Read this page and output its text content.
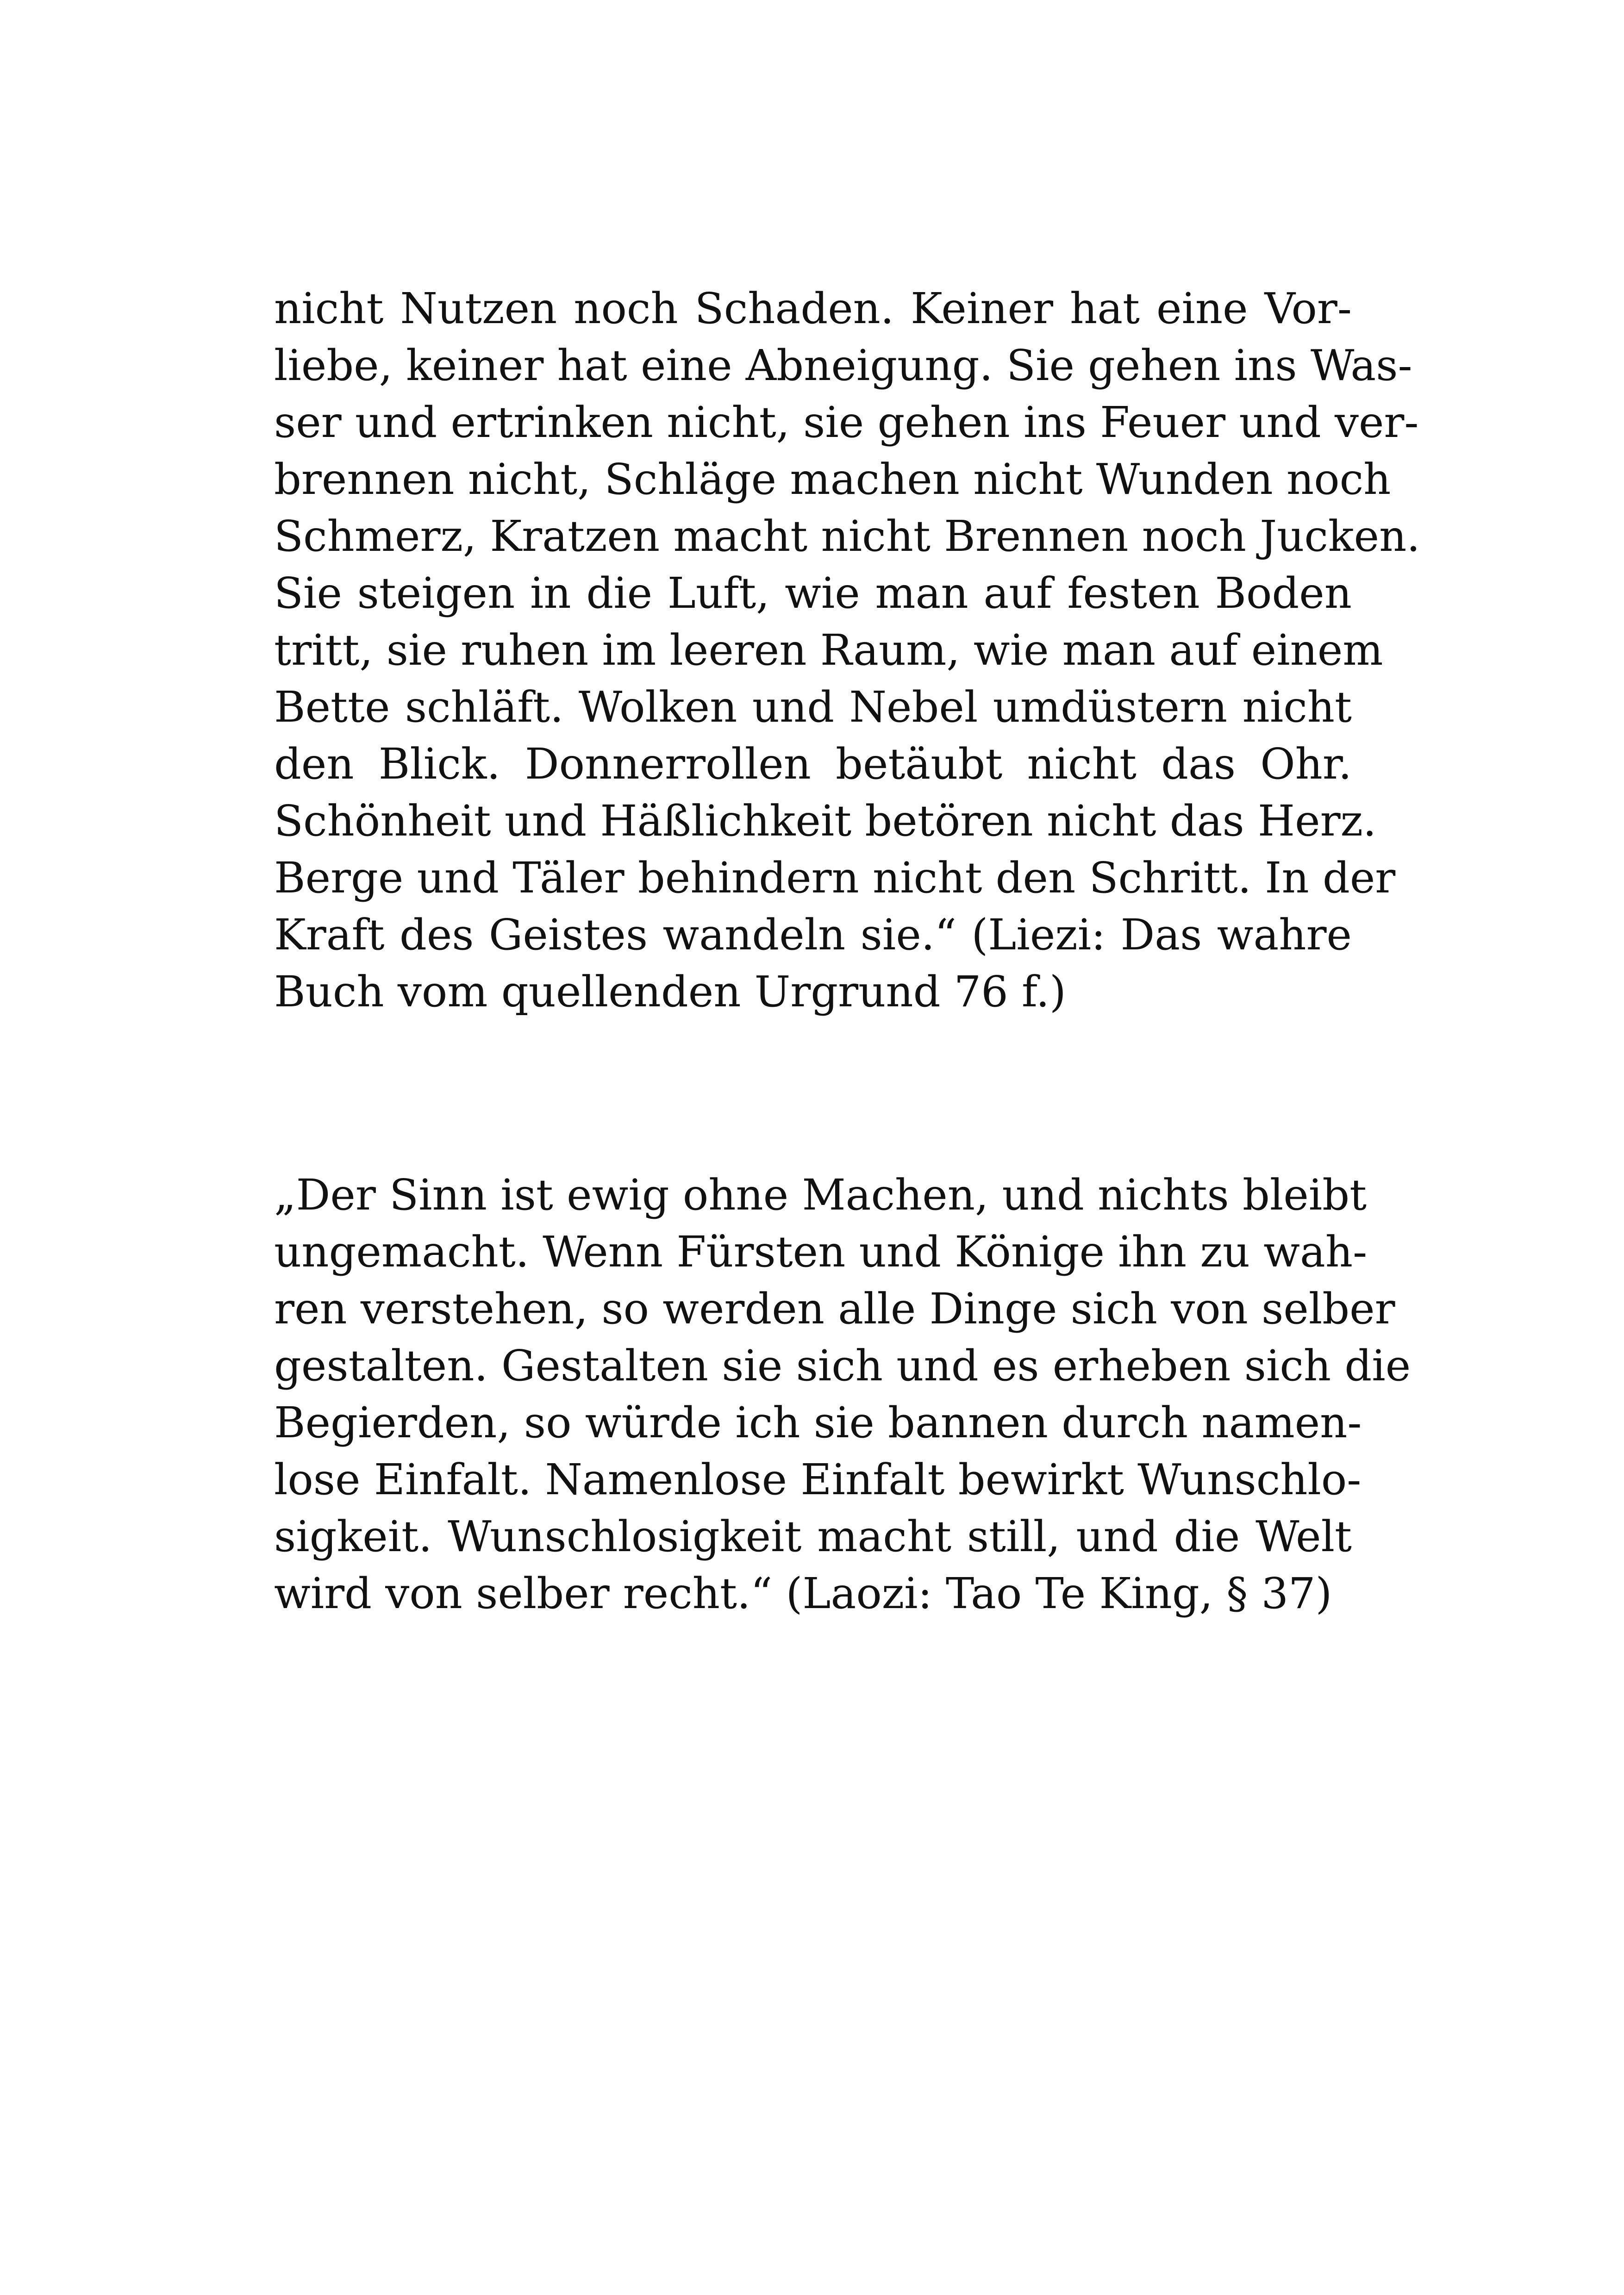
nicht Nutzen noch Schaden. Keiner hat eine Vor-
liebe, keiner hat eine Abneigung. Sie gehen ins Was-
ser und ertrinken nicht, sie gehen ins Feuer und ver-
brennen nicht, Schläge machen nicht Wunden noch
Schmerz, Kratzen macht nicht Brennen noch Jucken.
Sie steigen in die Luft, wie man auf festen Boden
tritt, sie ruhen im leeren Raum, wie man auf einem
Bette schläft. Wolken und Nebel umdüstern nicht
den Blick. Donnerrollen betäubt nicht das Ohr.
Schönheit und Häßlichkeit betören nicht das Herz.
Berge und Täler behindern nicht den Schritt. In der
Kraft des Geistes wandeln sie.“ (Liezi: Das wahre
Buch vom quellenden Urgrund 76 f.)
„Der Sinn ist ewig ohne Machen, und nichts bleibt
ungemacht. Wenn Fürsten und Könige ihn zu wah-
ren verstehen, so werden alle Dinge sich von selber
gestalten. Gestalten sie sich und es erheben sich die
Begierden, so würde ich sie bannen durch namen-
lose Einfalt. Namenlose Einfalt bewirkt Wunschlo-
sigkeit. Wunschlosigkeit macht still, und die Welt
wird von selber recht.“ (Laozi: Tao Te King, § 37)
